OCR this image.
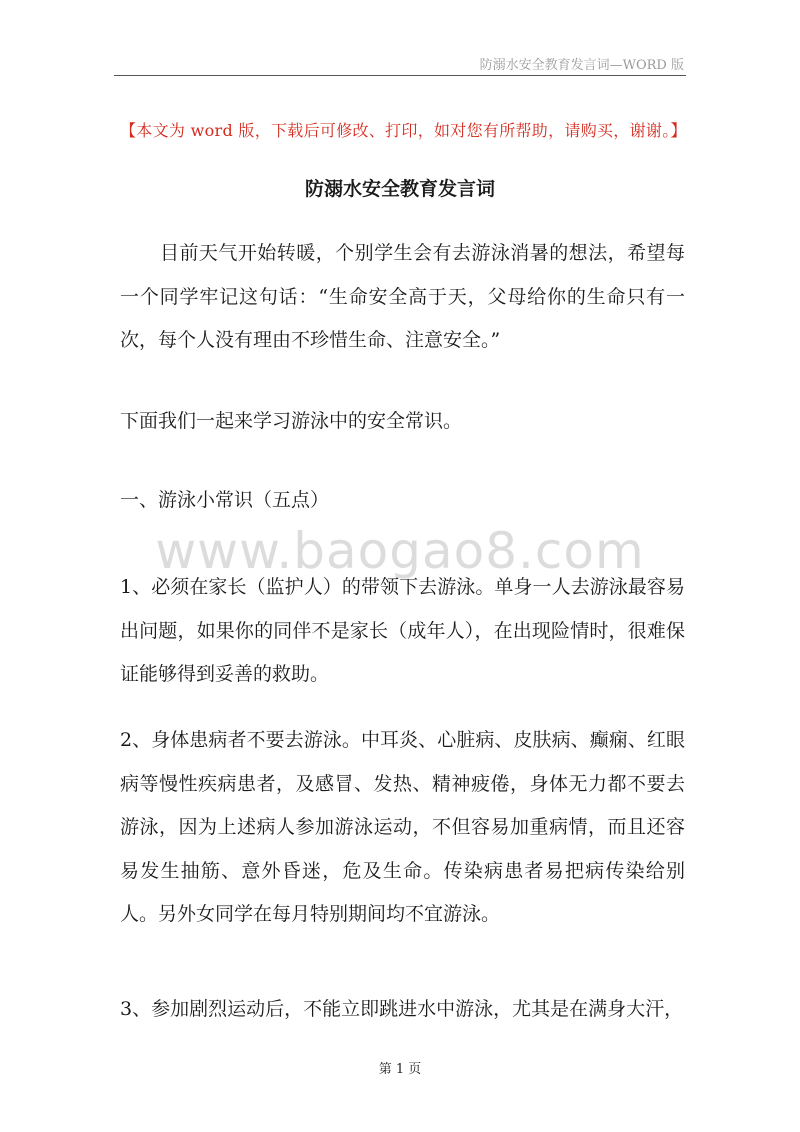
防溺水安全教育发言词—WORD 版
【本文为 word 版，下载后可修改、打印，如对您有所帮助，请购买，谢谢。】
防溺水安全教育发言词

目前天气开始转暖，个别学生会有去游泳消暑的想法，希望每一个同学牢记这句话：“生命安全高于天，父母给你的生命只有一次，每个人没有理由不珍惜生命、注意安全。”

下面我们一起来学习游泳中的安全常识。

一、游泳小常识（五点）

www.baogao8.com

1、必须在家长（监护人）的带领下去游泳。单身一人去游泳最容易出问题，如果你的同伴不是家长（成年人），在出现险情时，很难保证能够得到妥善的救助。

2、身体患病者不要去游泳。中耳炎、心脏病、皮肤病、癫痫、红眼病等慢性疾病患者，及感冒、发热、精神疲倦，身体无力都不要去游泳，因为上述病人参加游泳运动，不但容易加重病情，而且还容易发生抽筋、意外昏迷，危及生命。传染病患者易把病传染给别人。另外女同学在每月特别期间均不宜游泳。

3、参加剧烈运动后，不能立即跳进水中游泳，尤其是在满身大汗，

第 1 页
